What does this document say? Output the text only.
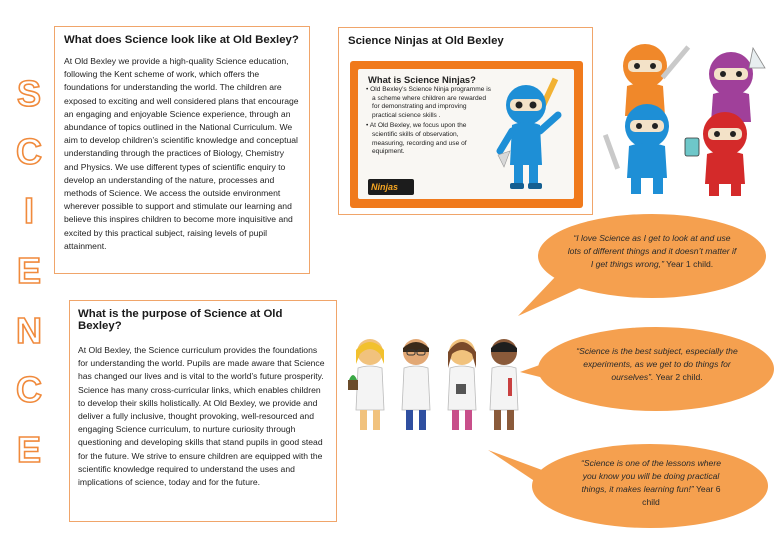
S
C
I
E
N
C
E
What does Science look like at Old Bexley?

At Old Bexley we provide a high-quality Science education, following the Kent scheme of work, which offers the foundations for understanding the world. The children are exposed to exciting and well considered plans that encourage an engaging and enjoyable Science experience, through an abundance of topics outlined in the National Curriculum. We aim to develop children’s scientific knowledge and conceptual understanding through the practices of Biology, Chemistry and Physics. We use different types of scientific enquiry to develop an understanding of the nature, processes and methods of Science. We access the outside environment wherever possible to support and stimulate our learning and believe this inspires children to become more inquisitive and excited by this practical subject, raising levels of pupil attainment.

Science Ninjas at Old Bexley
What is Science Ninjas?
• Old Bexley’s Science Ninja programme is a scheme where children are rewarded for demonstrating and improving practical science skills .
• At Old Bexley, we focus upon the scientific skills of observation, measuring, recording and use of equipment.
Ninjas
“I love Science as I get to look at and use lots of different things and it doesn’t matter if I get things wrong,” Year 1 child.
“Science is the best subject, especially the experiments, as we get to do things for ourselves”. Year 2 child.
“Science is one of the lessons where you know you will be doing practical things, it makes learning fun!” Year 6 child
What is the purpose of Science at Old Bexley?

At Old Bexley, the Science curriculum provides the foundations for understanding the world. Pupils are made aware that Science has changed our lives and is vital to the world’s future prosperity. Science has many cross-curricular links, which enables children to develop their skills holistically. At Old Bexley, we provide and deliver a fully inclusive, thought provoking, well-resourced and engaging Science curriculum, to nurture curiosity through questioning and developing skills that stand pupils in good stead for the future. We strive to ensure children are equipped with the scientific knowledge required to understand the uses and implications of science, today and for the future.
